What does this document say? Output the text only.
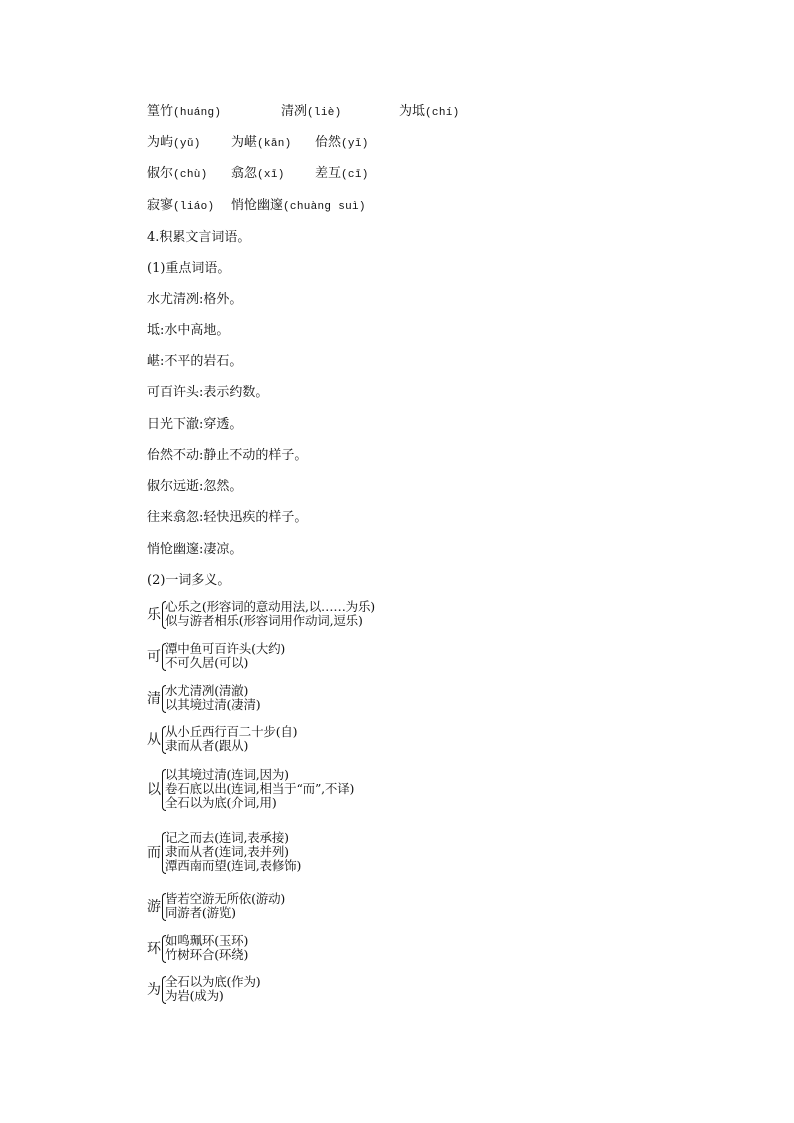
篁竹(huáng)	清冽(liè)	为坻(chí)
为屿(yǔ) 为嵁(kān) 佁然(yǐ)
俶尔(chù) 翕忽(xī) 差互(cī)
寂寥(liáo) 悄怆幽邃(chuàng suì)
4.积累文言词语。
(1)重点词语。
水尤清冽:格外。
坻:水中高地。
嵁:不平的岩石。
可百许头:表示约数。
日光下澈:穿透。
佁然不动:静止不动的样子。
俶尔远逝:忽然。
往来翕忽:轻快迅疾的样子。
悄怆幽邃:凄凉。
(2)一词多义。
乐
心乐之(形容词的意动用法,以……为乐)
似与游者相乐(形容词用作动词,逗乐)
可
潭中鱼可百许头(大约)
不可久居(可以)
清
水尤清冽(清澈)
以其境过清(凄清)
从
从小丘西行百二十步(自)
隶而从者(跟从)
以
以其境过清(连词,因为)
卷石底以出(连词,相当于“而”,不译)
全石以为底(介词,用)
而
记之而去(连词,表承接)
隶而从者(连词,表并列)
潭西南而望(连词,表修饰)
游
皆若空游无所依(游动)
同游者(游览)
环
如鸣珮环(玉环)
竹树环合(环绕)
为
全石以为底(作为)
为岩(成为)
